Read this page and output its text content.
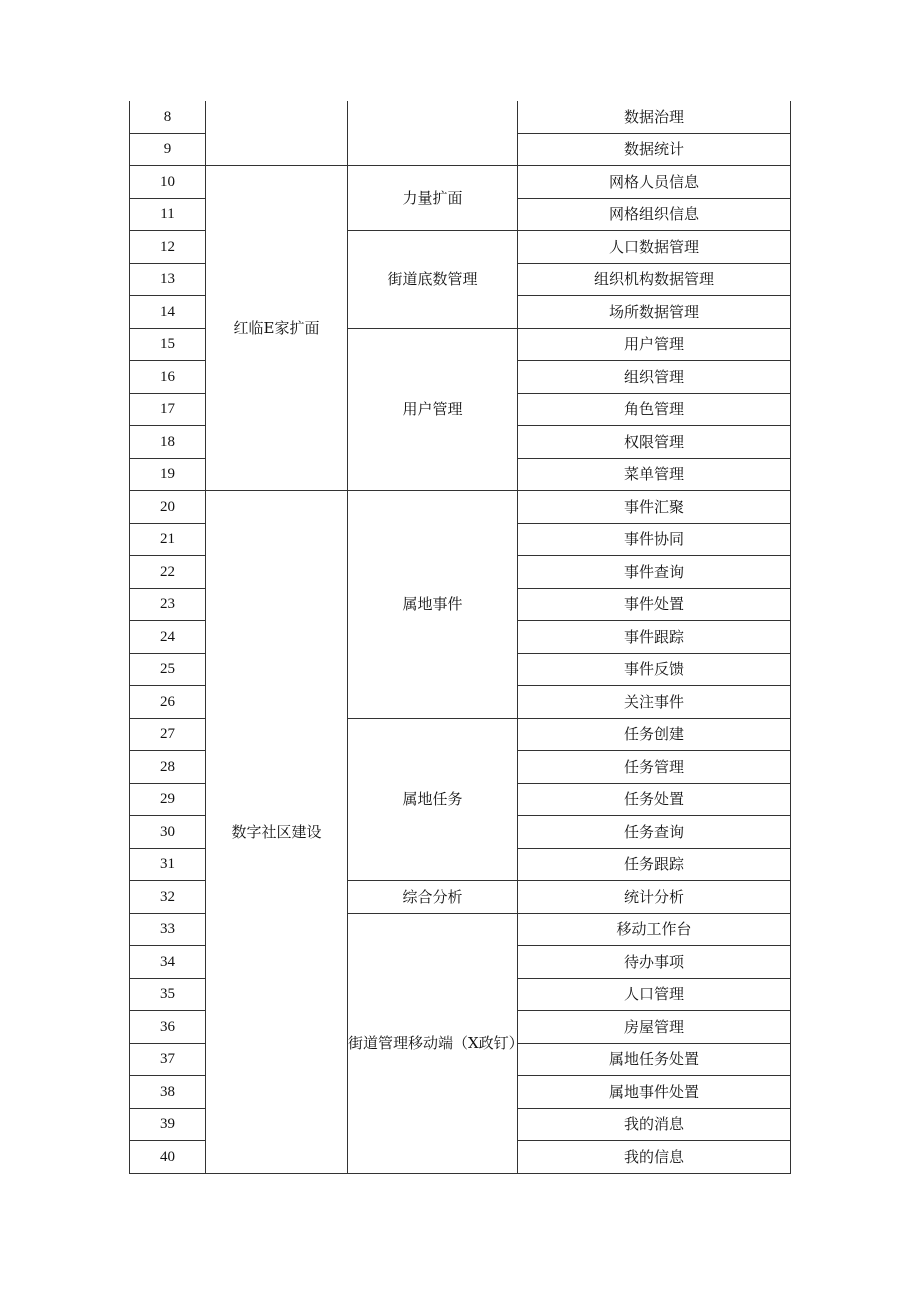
8			数据治理
9			数据统计
10	红临E家扩面	力量扩面	网格人员信息
11			网格组织信息
12		街道底数管理	人口数据管理
13			组织机构数据管理
14			场所数据管理
15		用户管理	用户管理
16			组织管理
17			角色管理
18			权限管理
19			菜单管理
20	数字社区建设	属地事件	事件汇聚
21			事件协同
22			事件查询
23			事件处置
24			事件跟踪
25			事件反馈
26			关注事件
27		属地任务	任务创建
28			任务管理
29			任务处置
30			任务查询
31			任务跟踪
32		综合分析	统计分析
33		街道管理移动端（X政钉）	移动工作台
34			待办事项
35			人口管理
36			房屋管理
37			属地任务处置
38			属地事件处置
39			我的消息
40			我的信息
